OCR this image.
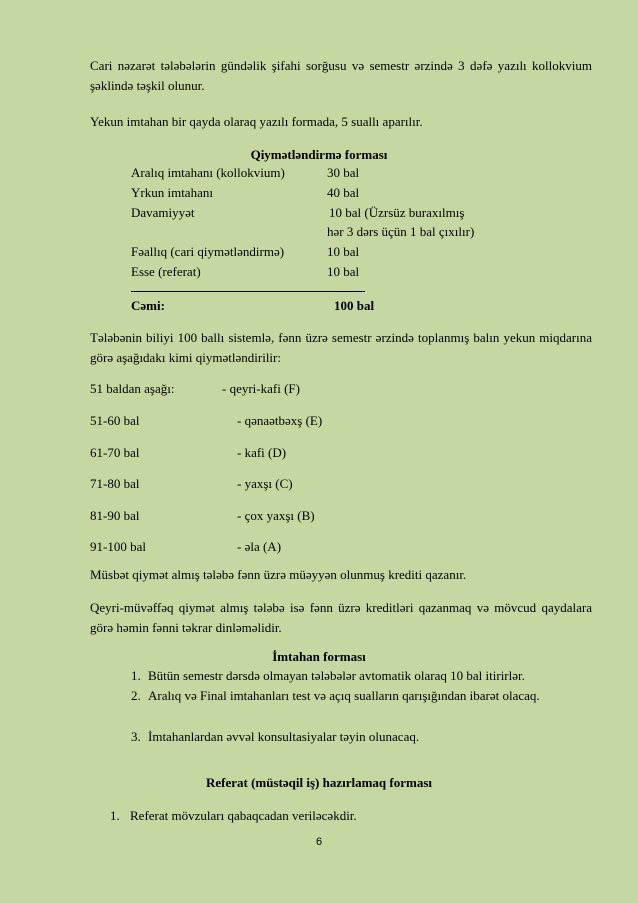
Cari nəzarət tələbələrin gündəlik şifahi sorğusu və semestr ərzində 3 dəfə yazılı kollokvium şəklində təşkil olunur.

Yekun imtahan bir qayda olaraq yazılı formada, 5 suallı aparılır.

Qiymətləndirmə forması
Aralıq imtahanı (kollokvium)	30 bal
Yrkun imtahanı	40 bal
Davamiyyət	10 bal (Üzrsüz buraxılmış
hər 3 dərs üçün 1 bal çıxılır)
Fəallıq (cari qiymətləndirmə)	10 bal
Esse (referat)	10 bal
Cəmi:	100 bal

Tələbənin biliyi 100 ballı sistemlə, fənn üzrə semestr ərzində toplanmış balın yekun miqdarına görə aşağıdakı kimi qiymətləndirilir:

51 baldan aşağı:	- qeyri-kafi (F)
51-60 bal	- qənaətbəxş (E)
61-70 bal	- kafi (D)
71-80 bal	- yaxşı (C)
81-90 bal	- çox yaxşı (B)
91-100 bal	- əla (A)

Müsbət qiymət almış tələbə fənn üzrə müəyyən olunmuş krediti qazanır.

Qeyri-müvəffəq qiymət almış tələbə isə fənn üzrə kreditləri qazanmaq və mövcud qaydalara görə həmin fənni təkrar dinləməlidir.

İmtahan forması
1. Bütün semestr dərsdə olmayan tələbələr avtomatik olaraq 10 bal itirirlər.
2. Aralıq və Final imtahanları test və açıq sualların qarışığından ibarət olacaq.

3. İmtahanlardan əvvəl konsultasiyalar təyin olunacaq.
Referat (müstəqil iş) hazırlamaq forması
1. Referat mövzuları qabaqcadan veriləcəkdir.
6
